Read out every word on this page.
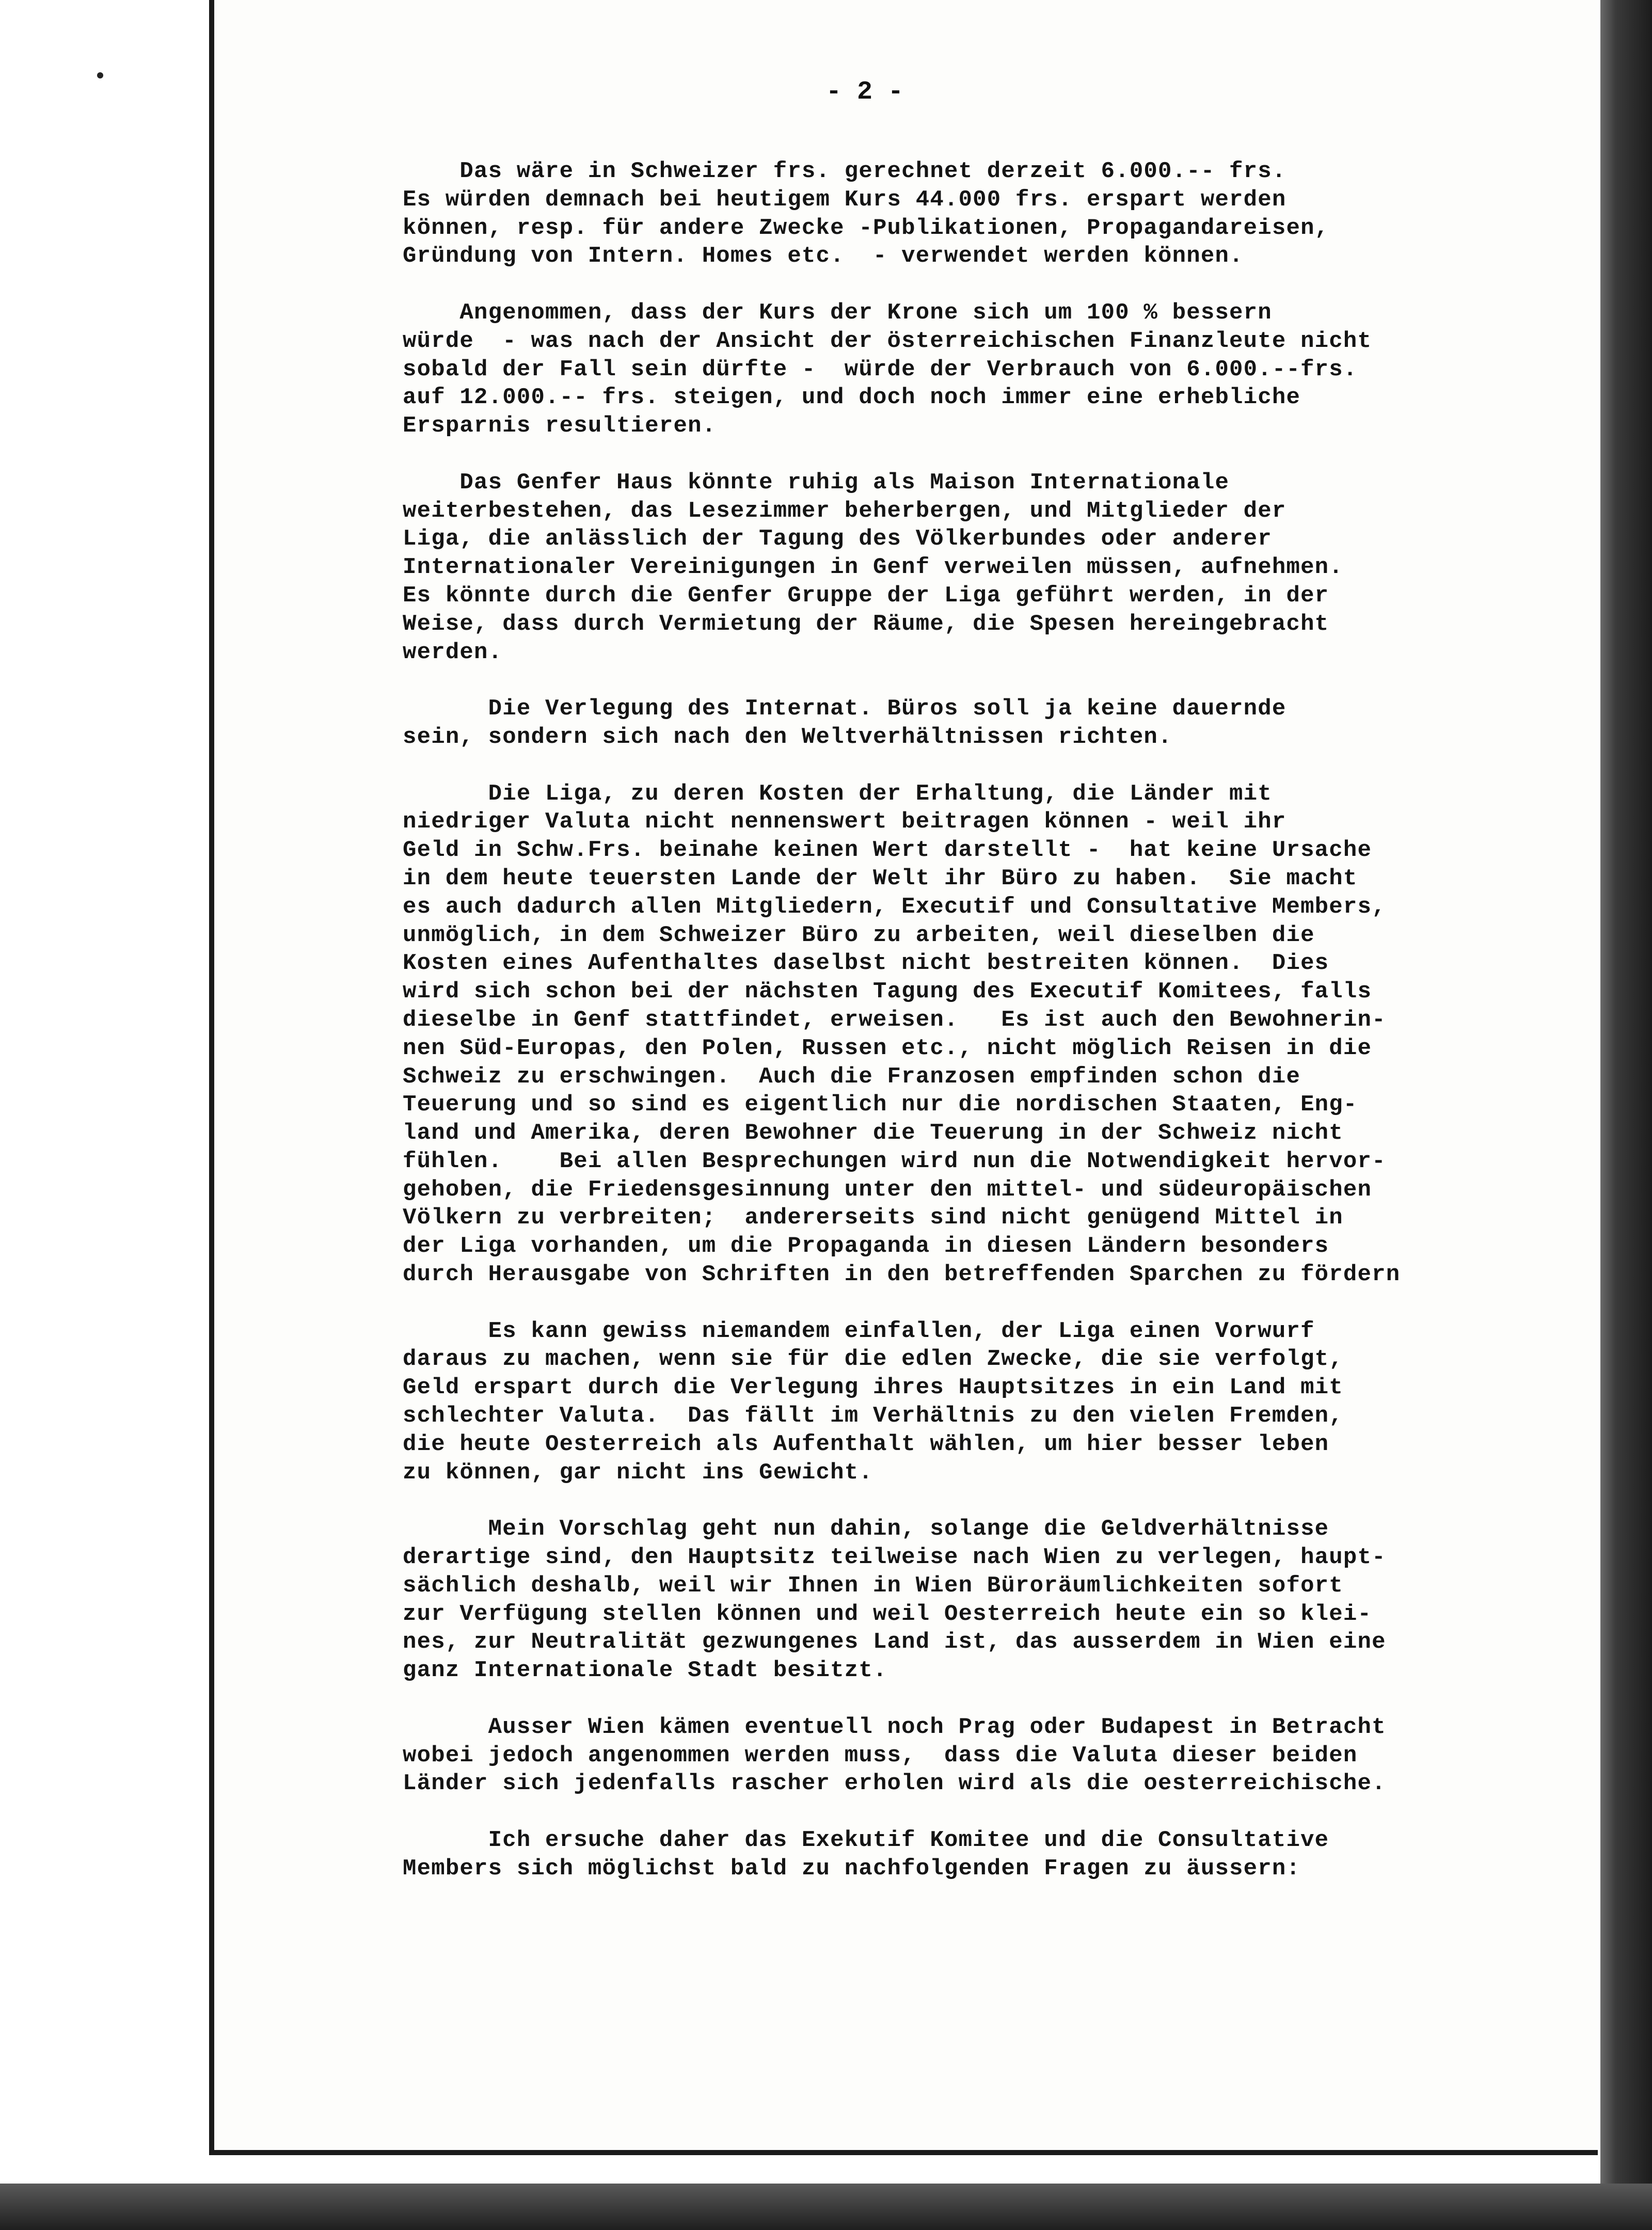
- 2 -
Das wäre in Schweizer frs. gerechnet derzeit 6.000.-- frs.
Es würden demnach bei heutigem Kurs 44.000 frs. erspart werden
können, resp. für andere Zwecke -Publikationen, Propagandareisen,
Gründung von Intern. Homes etc.  - verwendet werden können.
Angenommen, dass der Kurs der Krone sich um 100 % bessern
würde  - was nach der Ansicht der österreichischen Finanzleute nicht
sobald der Fall sein dürfte -  würde der Verbrauch von 6.000.--frs.
auf 12.000.-- frs. steigen, und doch noch immer eine erhebliche
Ersparnis resultieren.
Das Genfer Haus könnte ruhig als Maison Internationale
weiterbestehen, das Lesezimmer beherbergen, und Mitglieder der
Liga, die anlässlich der Tagung des Völkerbundes oder anderer
Internationaler Vereinigungen in Genf verweilen müssen, aufnehmen.
Es könnte durch die Genfer Gruppe der Liga geführt werden, in der
Weise, dass durch Vermietung der Räume, die Spesen hereingebracht
werden.
Die Verlegung des Internat. Büros soll ja keine dauernde
sein, sondern sich nach den Weltverhältnissen richten.
Die Liga, zu deren Kosten der Erhaltung, die Länder mit
niedriger Valuta nicht nennenswert beitragen können - weil ihr
Geld in Schw.Frs. beinahe keinen Wert darstellt -  hat keine Ursache
in dem heute teuersten Lande der Welt ihr Büro zu haben.  Sie macht
es auch dadurch allen Mitgliedern, Executif und Consultative Members,
unmöglich, in dem Schweizer Büro zu arbeiten, weil dieselben die
Kosten eines Aufenthaltes daselbst nicht bestreiten können.  Dies
wird sich schon bei der nächsten Tagung des Executif Komitees, falls
dieselbe in Genf stattfindet, erweisen.   Es ist auch den Bewohnerin-
nen Süd-Europas, den Polen, Russen etc., nicht möglich Reisen in die
Schweiz zu erschwingen.  Auch die Franzosen empfinden schon die
Teuerung und so sind es eigentlich nur die nordischen Staaten, Eng-
land und Amerika, deren Bewohner die Teuerung in der Schweiz nicht
fühlen.    Bei allen Besprechungen wird nun die Notwendigkeit hervor-
gehoben, die Friedensgesinnung unter den mittel- und südeuropäischen
Völkern zu verbreiten;  andererseits sind nicht genügend Mittel in
der Liga vorhanden, um die Propaganda in diesen Ländern besonders
durch Herausgabe von Schriften in den betreffenden Sparchen zu fördern
Es kann gewiss niemandem einfallen, der Liga einen Vorwurf
daraus zu machen, wenn sie für die edlen Zwecke, die sie verfolgt,
Geld erspart durch die Verlegung ihres Hauptsitzes in ein Land mit
schlechter Valuta.  Das fällt im Verhältnis zu den vielen Fremden,
die heute Oesterreich als Aufenthalt wählen, um hier besser leben
zu können, gar nicht ins Gewicht.
Mein Vorschlag geht nun dahin, solange die Geldverhältnisse
derartige sind, den Hauptsitz teilweise nach Wien zu verlegen, haupt-
sächlich deshalb, weil wir Ihnen in Wien Büroräumlichkeiten sofort
zur Verfügung stellen können und weil Oesterreich heute ein so klei-
nes, zur Neutralität gezwungenes Land ist, das ausserdem in Wien eine
ganz Internationale Stadt besitzt.
Ausser Wien kämen eventuell noch Prag oder Budapest in Betracht
wobei jedoch angenommen werden muss,  dass die Valuta dieser beiden
Länder sich jedenfalls rascher erholen wird als die oesterreichische.
Ich ersuche daher das Exekutif Komitee und die Consultative
Members sich möglichst bald zu nachfolgenden Fragen zu äussern:
